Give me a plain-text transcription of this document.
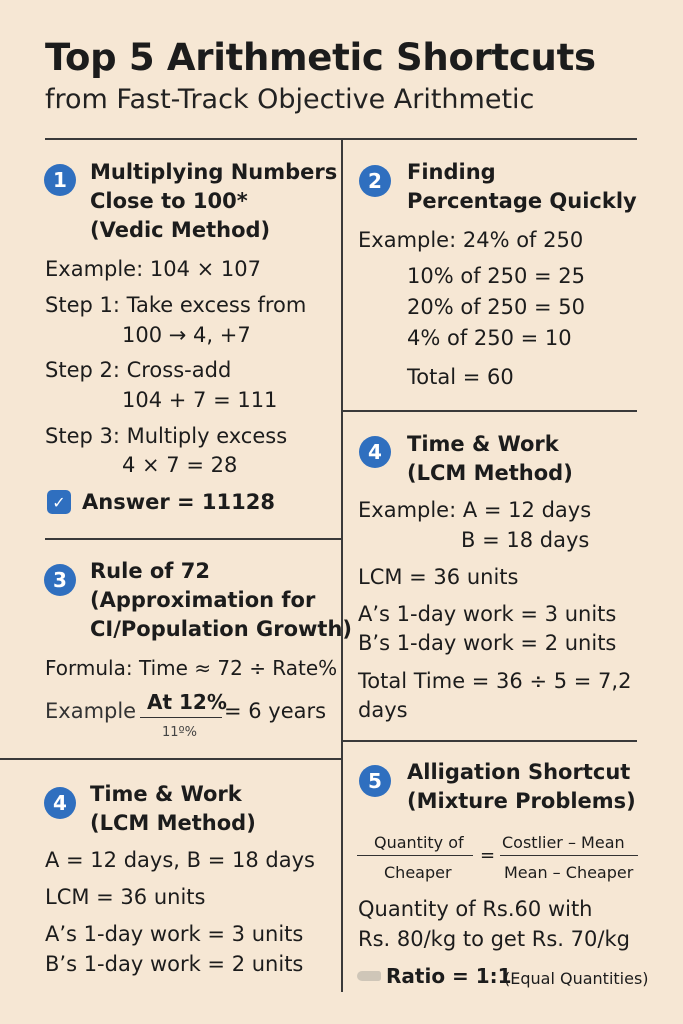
Top 5 Arithmetic Shortcuts
from Fast-Track Objective Arithmetic
1	Multiplying Numbers
Close to 100*
(Vedic Method)
Example: 104 × 107
Step 1: Take excess from
100 → 4, +7
Step 2: Cross-add
104 + 7 = 111
Step 3: Multiply excess
4 × 7 = 28
✓ Answer = 11128
2	Finding
Percentage Quickly
Example: 24% of 250
10% of 250 = 25
20% of 250 = 50
4% of 250 = 10
Total = 60
3	Rule of 72
(Approximation for
CI/Population Growth)
Formula: Time ≈ 72 ÷ Rate%
Example At 12%
11º%
= 6 years
4	Time & Work
(LCM Method)
Example: A = 12 days
B = 18 days
LCM = 36 units
A’s 1-day work = 3 units
B’s 1-day work = 2 units
Total Time = 36 ÷ 5 = 7,2
days
4	Time & Work
(LCM Method)
A = 12 days, B = 18 days
LCM = 36 units
A’s 1-day work = 3 units
B’s 1-day work = 2 units
5	Alligation Shortcut
(Mixture Problems)
Quantity of
Cheaper
=
Costlier – Mean
Mean – Cheaper
Quantity of Rs.60 with
Rs. 80/kg to get Rs. 70/kg
Ratio = 1:1
(Equal Quantities)
